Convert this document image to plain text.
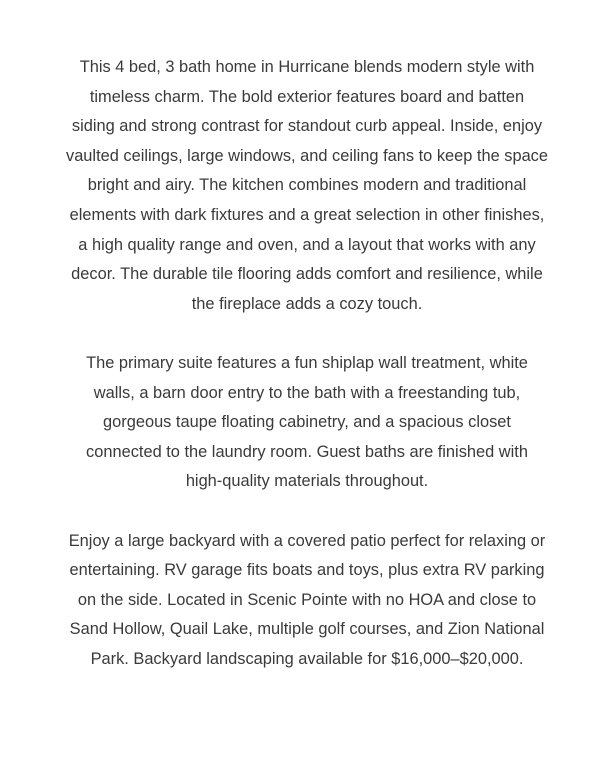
This 4 bed, 3 bath home in Hurricane blends modern style with
timeless charm. The bold exterior features board and batten
siding and strong contrast for standout curb appeal. Inside, enjoy
vaulted ceilings, large windows, and ceiling fans to keep the space
bright and airy. The kitchen combines modern and traditional
elements with dark fixtures and a great selection in other finishes,
a high quality range and oven, and a layout that works with any
decor. The durable tile flooring adds comfort and resilience, while
the fireplace adds a cozy touch.

The primary suite features a fun shiplap wall treatment, white
walls, a barn door entry to the bath with a freestanding tub,
gorgeous taupe floating cabinetry, and a spacious closet
connected to the laundry room. Guest baths are finished with
high-quality materials throughout.

Enjoy a large backyard with a covered patio perfect for relaxing or
entertaining. RV garage fits boats and toys, plus extra RV parking
on the side. Located in Scenic Pointe with no HOA and close to
Sand Hollow, Quail Lake, multiple golf courses, and Zion National
Park. Backyard landscaping available for $16,000–$20,000.
